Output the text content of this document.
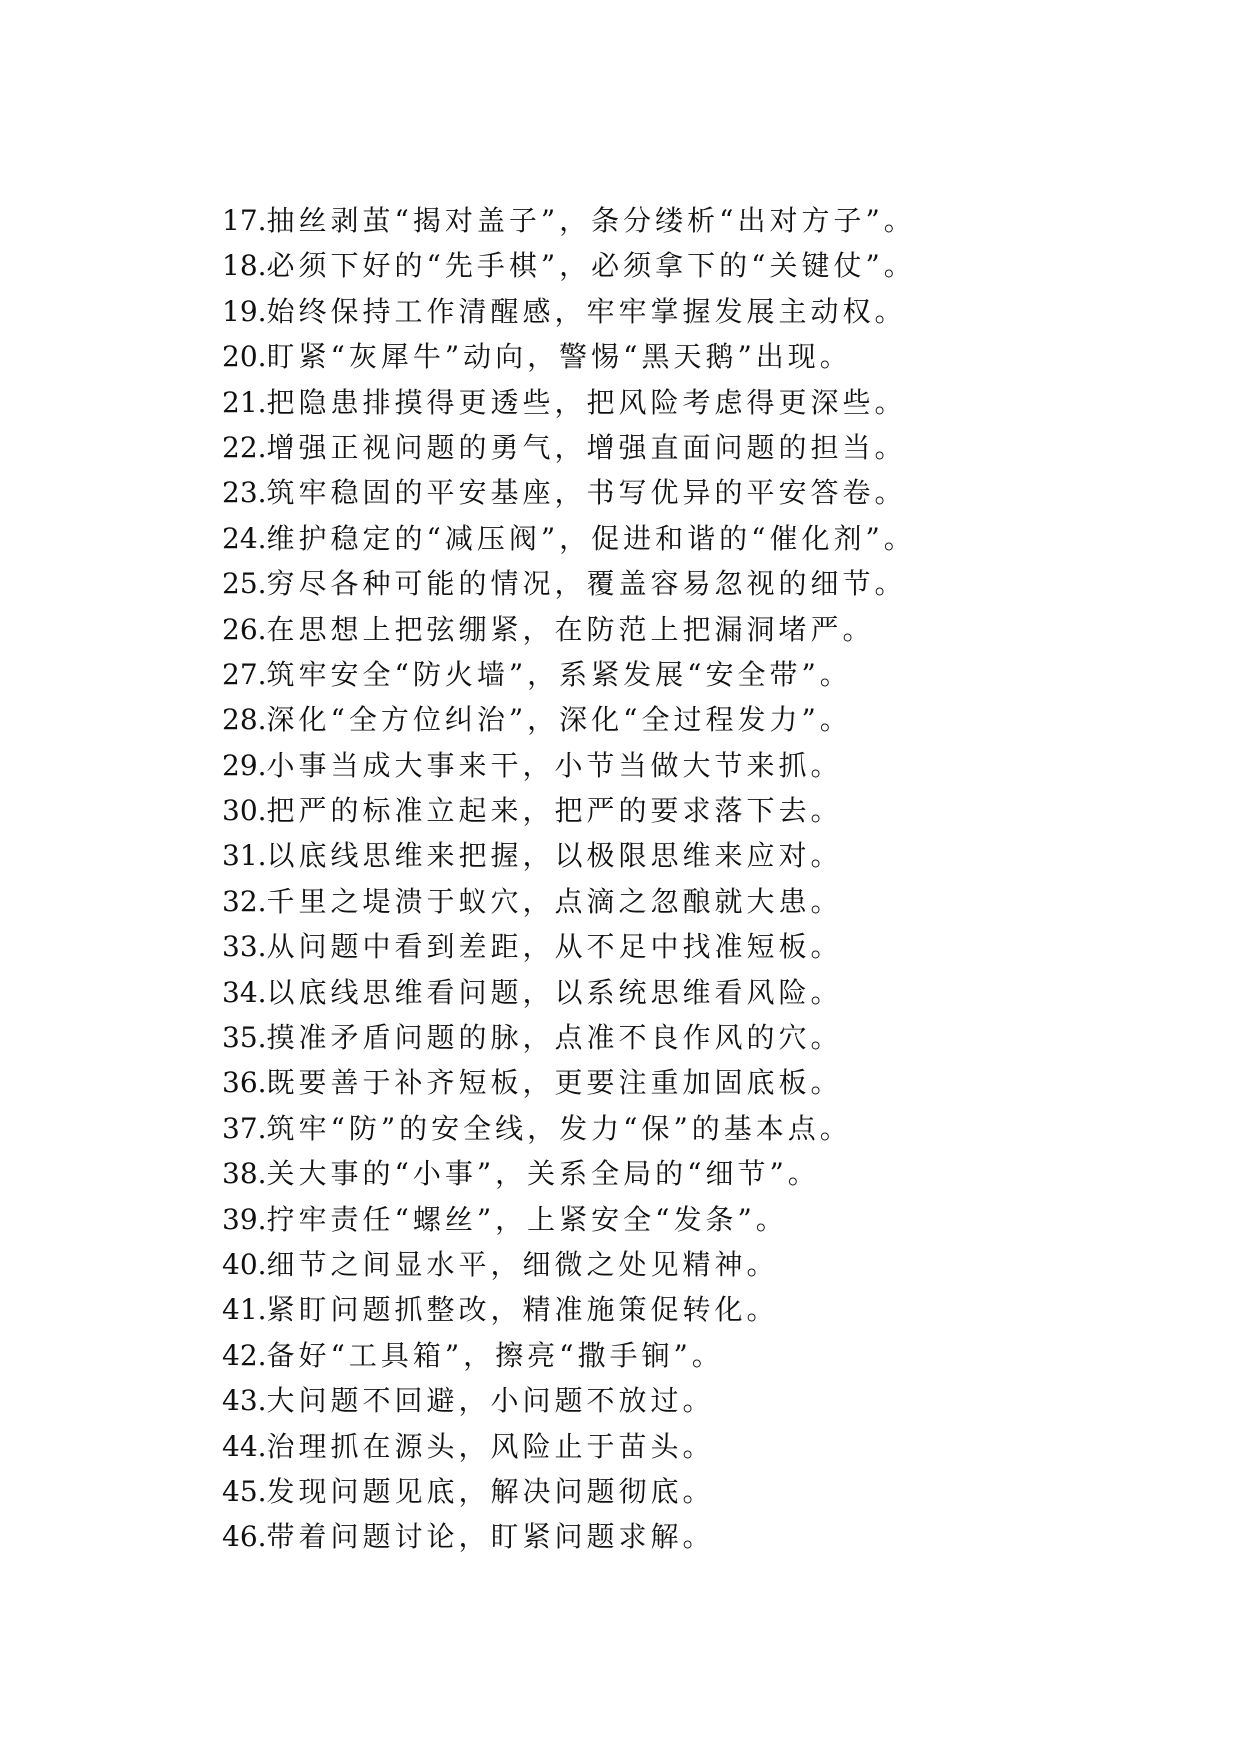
17.抽丝剥茧“揭对盖子”，条分缕析“出对方子”。
18.必须下好的“先手棋”，必须拿下的“关键仗”。
19.始终保持工作清醒感，牢牢掌握发展主动权。
20.盯紧“灰犀牛”动向，警惕“黑天鹅”出现。
21.把隐患排摸得更透些，把风险考虑得更深些。
22.增强正视问题的勇气，增强直面问题的担当。
23.筑牢稳固的平安基座，书写优异的平安答卷。
24.维护稳定的“减压阀”，促进和谐的“催化剂”。
25.穷尽各种可能的情况，覆盖容易忽视的细节。
26.在思想上把弦绷紧，在防范上把漏洞堵严。
27.筑牢安全“防火墙”，系紧发展“安全带”。
28.深化“全方位纠治”，深化“全过程发力”。
29.小事当成大事来干，小节当做大节来抓。
30.把严的标准立起来，把严的要求落下去。
31.以底线思维来把握，以极限思维来应对。
32.千里之堤溃于蚁穴，点滴之忽酿就大患。
33.从问题中看到差距，从不足中找准短板。
34.以底线思维看问题，以系统思维看风险。
35.摸准矛盾问题的脉，点准不良作风的穴。
36.既要善于补齐短板，更要注重加固底板。
37.筑牢“防”的安全线，发力“保”的基本点。
38.关大事的“小事”，关系全局的“细节”。
39.拧牢责任“螺丝”，上紧安全“发条”。
40.细节之间显水平，细微之处见精神。
41.紧盯问题抓整改，精准施策促转化。
42.备好“工具箱”，擦亮“撒手锏”。
43.大问题不回避，小问题不放过。
44.治理抓在源头，风险止于苗头。
45.发现问题见底，解决问题彻底。
46.带着问题讨论，盯紧问题求解。
